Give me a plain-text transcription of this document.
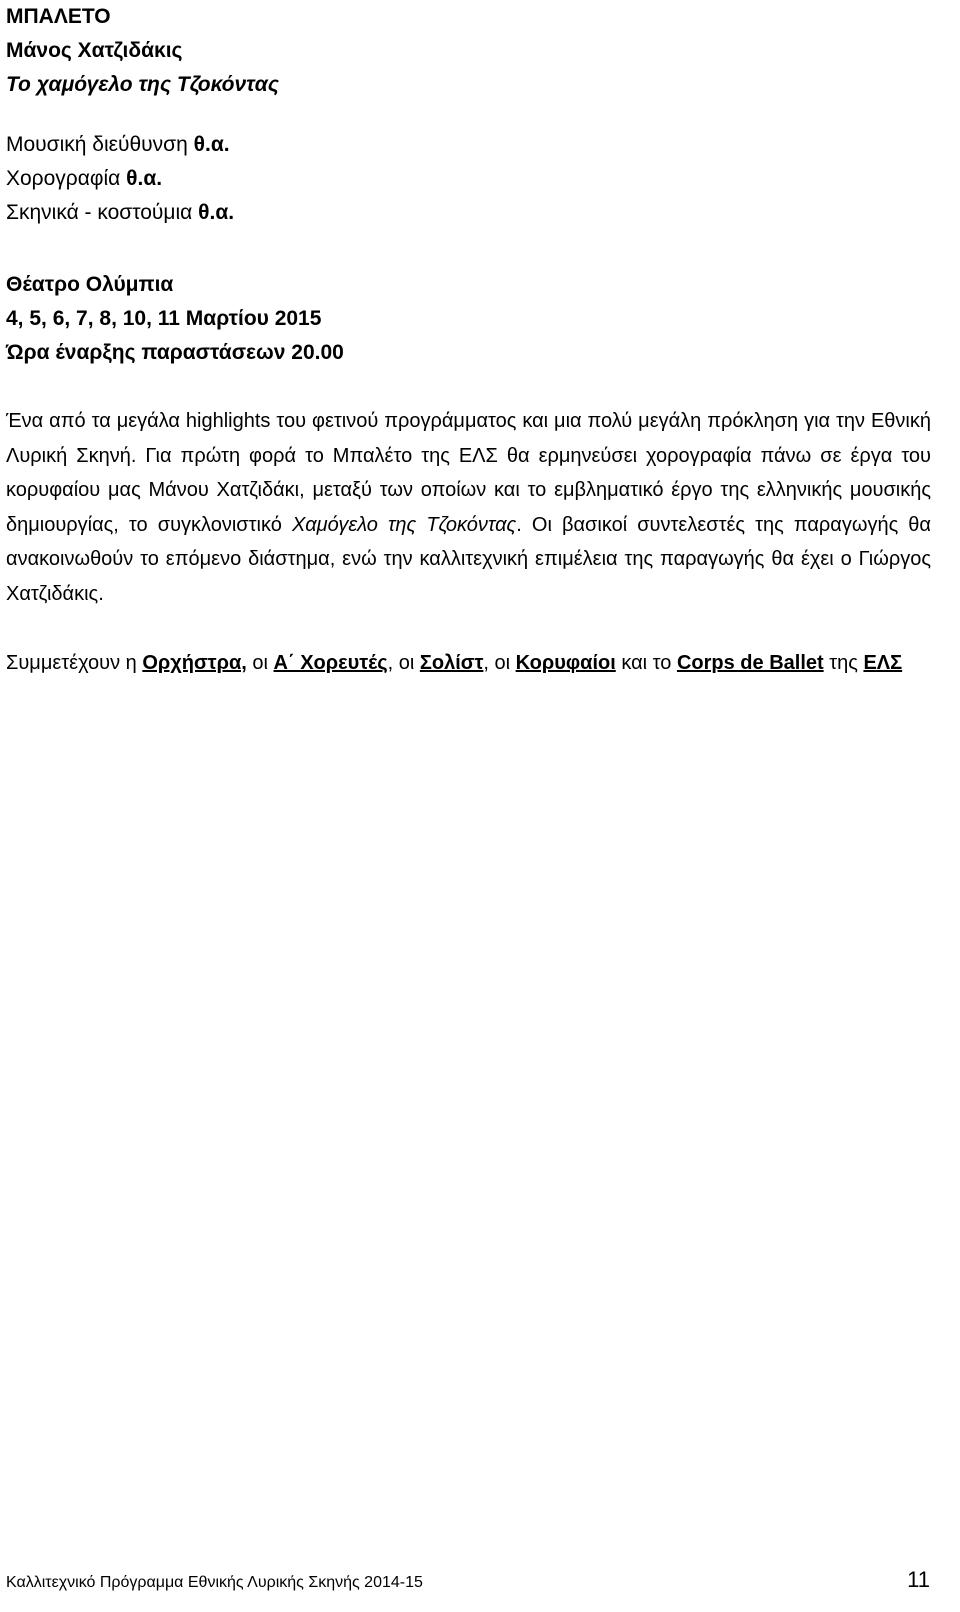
ΜΠΑΛΕΤΟ
Μάνος Χατζιδάκις
Το χαμόγελο της Τζοκόντας
Μουσική διεύθυνση θ.α.
Χορογραφία θ.α.
Σκηνικά - κοστούμια θ.α.
Θέατρο Ολύμπια
4, 5, 6, 7, 8, 10, 11 Μαρτίου 2015
Ώρα έναρξης παραστάσεων 20.00
Ένα από τα μεγάλα highlights του φετινού προγράμματος και μια πολύ μεγάλη πρόκληση για την Εθνική Λυρική Σκηνή. Για πρώτη φορά το Μπαλέτο της ΕΛΣ θα ερμηνεύσει χορογραφία πάνω σε έργα του κορυφαίου μας Μάνου Χατζιδάκι, μεταξύ των οποίων και το εμβληματικό έργο της ελληνικής μουσικής δημιουργίας, το συγκλονιστικό Χαμόγελο της Τζοκόντας. Οι βασικοί συντελεστές της παραγωγής θα ανακοινωθούν το επόμενο διάστημα, ενώ την καλλιτεχνική επιμέλεια της παραγωγής θα έχει ο Γιώργος Χατζιδάκις.
Συμμετέχουν η Ορχήστρα, οι Α΄ Χορευτές, οι Σολίστ, οι Κορυφαίοι και το Corps de Ballet της ΕΛΣ
Καλλιτεχνικό Πρόγραμμα Εθνικής Λυρικής Σκηνής 2014-15	11
